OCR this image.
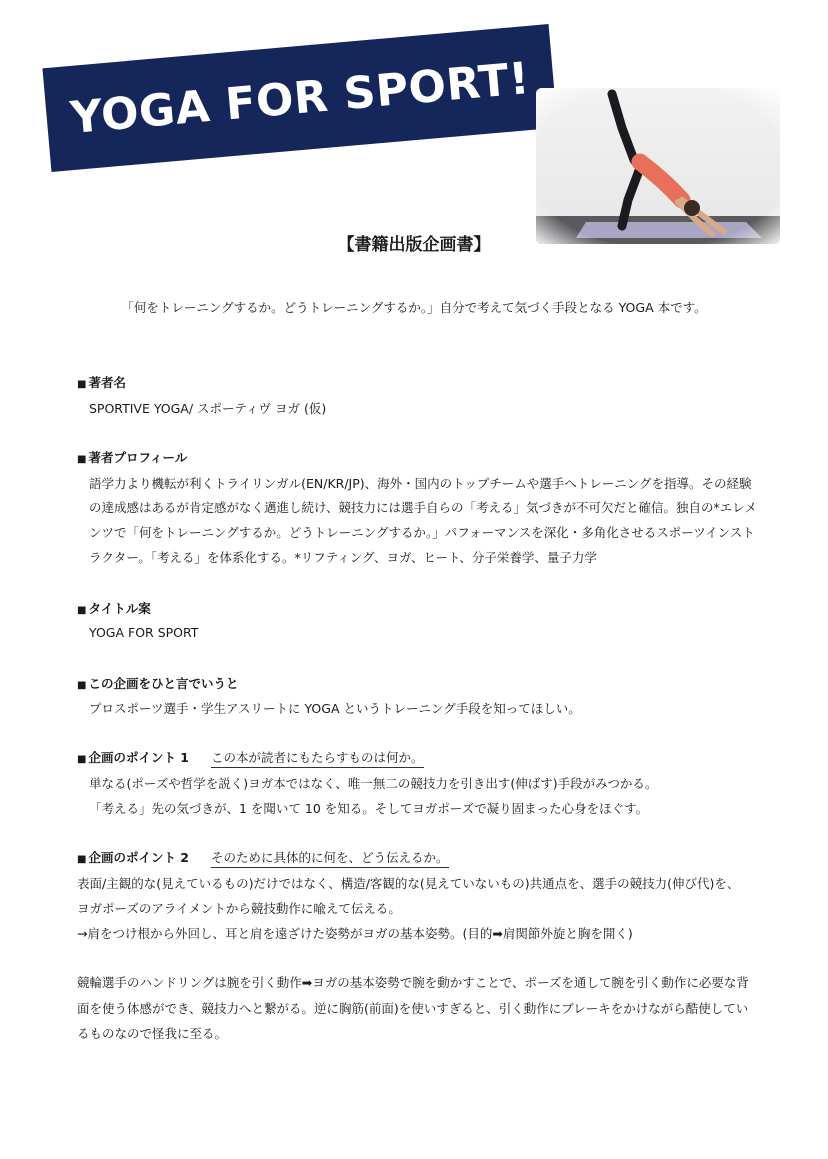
YOGA FOR SPORT!
【書籍出版企画書】
「何をトレーニングするか。どうトレーニングするか。」自分で考えて気づく手段となる YOGA 本です。
■ 著者名
SPORTIVE YOGA/ スポーティヴ ヨガ (仮)
■ 著者プロフィール
語学力より機転が利くトライリンガル(EN/KR/JP)、海外・国内のトップチームや選手へトレーニングを指導。その経験
の達成感はあるが肯定感がなく邁進し続け、競技力には選手自らの「考える」気づきが不可欠だと確信。独自の*エレメ
ンツで「何をトレーニングするか。どうトレーニングするか。」パフォーマンスを深化・多角化させるスポーツインスト
ラクター。「考える」を体系化する。*リフティング、ヨガ、ヒート、分子栄養学、量子力学
■ タイトル案
YOGA FOR SPORT
■ この企画をひと言でいうと
プロスポーツ選手・学生アスリートに YOGA というトレーニング手段を知ってほしい。
■ 企画のポイント 1 この本が読者にもたらすものは何か。
単なる(ポーズや哲学を説く)ヨガ本ではなく、唯一無二の競技力を引き出す(伸ばす)手段がみつかる。
「考える」先の気づきが、1 を聞いて 10 を知る。そしてヨガポーズで凝り固まった心身をほぐす。
■ 企画のポイント 2 そのために具体的に何を、どう伝えるか。
表面/主観的な(見えているもの)だけではなく、構造/客観的な(見えていないもの)共通点を、選手の競技力(伸び代)を、
ヨガポーズのアライメントから競技動作に喩えて伝える。
→肩をつけ根から外回し、耳と肩を遠ざけた姿勢がヨガの基本姿勢。(目的➡肩関節外旋と胸を開く)
競輪選手のハンドリングは腕を引く動作➡ヨガの基本姿勢で腕を動かすことで、ポーズを通して腕を引く動作に必要な背
面を使う体感ができ、競技力へと繋がる。逆に胸筋(前面)を使いすぎると、引く動作にブレーキをかけながら酷使してい
るものなので怪我に至る。
